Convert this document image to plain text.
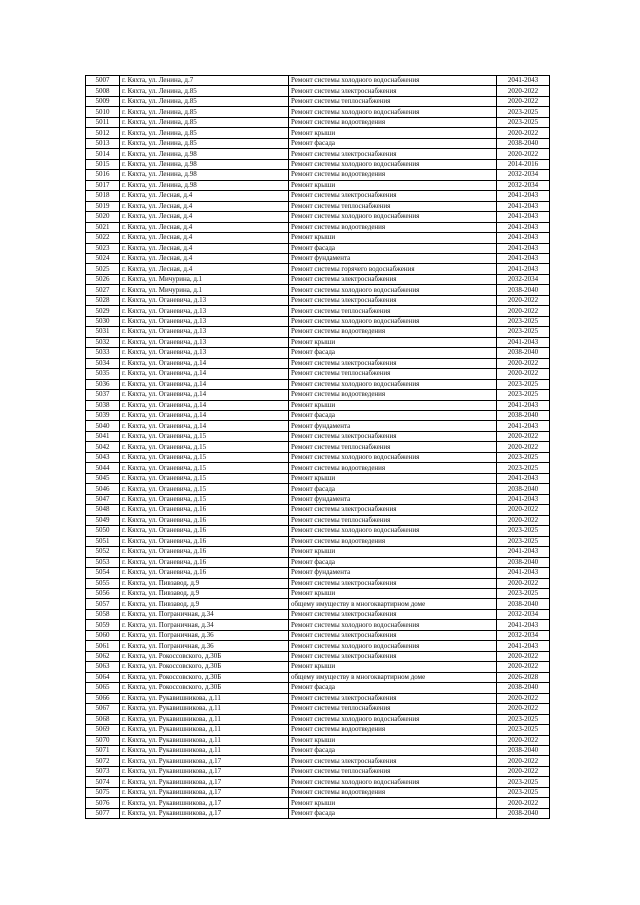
5007	г. Кяхта, ул. Ленина, д.7	Ремонт системы холодного водоснабжения	2041-2043
5008	г. Кяхта, ул. Ленина, д.85	Ремонт системы электроснабжения	2020-2022
5009	г. Кяхта, ул. Ленина, д.85	Ремонт системы теплоснабжения	2020-2022
5010	г. Кяхта, ул. Ленина, д.85	Ремонт системы холодного водоснабжения	2023-2025
5011	г. Кяхта, ул. Ленина, д.85	Ремонт системы водоотведения	2023-2025
5012	г. Кяхта, ул. Ленина, д.85	Ремонт крыши	2020-2022
5013	г. Кяхта, ул. Ленина, д.85	Ремонт фасада	2038-2040
5014	г. Кяхта, ул. Ленина, д.98	Ремонт системы электроснабжения	2020-2022
5015	г. Кяхта, ул. Ленина, д.98	Ремонт системы холодного водоснабжения	2014-2016
5016	г. Кяхта, ул. Ленина, д.98	Ремонт системы водоотведения	2032-2034
5017	г. Кяхта, ул. Ленина, д.98	Ремонт крыши	2032-2034
5018	г. Кяхта, ул. Лесная, д.4	Ремонт системы электроснабжения	2041-2043
5019	г. Кяхта, ул. Лесная, д.4	Ремонт системы теплоснабжения	2041-2043
5020	г. Кяхта, ул. Лесная, д.4	Ремонт системы холодного водоснабжения	2041-2043
5021	г. Кяхта, ул. Лесная, д.4	Ремонт системы водоотведения	2041-2043
5022	г. Кяхта, ул. Лесная, д.4	Ремонт крыши	2041-2043
5023	г. Кяхта, ул. Лесная, д.4	Ремонт фасада	2041-2043
5024	г. Кяхта, ул. Лесная, д.4	Ремонт фундамента	2041-2043
5025	г. Кяхта, ул. Лесная, д.4	Ремонт системы горячего водоснабжения	2041-2043
5026	г. Кяхта, ул. Мичурина, д.1	Ремонт системы электроснабжения	2032-2034
5027	г. Кяхта, ул. Мичурина, д.1	Ремонт системы холодного водоснабжения	2038-2040
5028	г. Кяхта, ул. Оганевича, д.13	Ремонт системы электроснабжения	2020-2022
5029	г. Кяхта, ул. Оганевича, д.13	Ремонт системы теплоснабжения	2020-2022
5030	г. Кяхта, ул. Оганевича, д.13	Ремонт системы холодного водоснабжения	2023-2025
5031	г. Кяхта, ул. Оганевича, д.13	Ремонт системы водоотведения	2023-2025
5032	г. Кяхта, ул. Оганевича, д.13	Ремонт крыши	2041-2043
5033	г. Кяхта, ул. Оганевича, д.13	Ремонт фасада	2038-2040
5034	г. Кяхта, ул. Оганевича, д.14	Ремонт системы электроснабжения	2020-2022
5035	г. Кяхта, ул. Оганевича, д.14	Ремонт системы теплоснабжения	2020-2022
5036	г. Кяхта, ул. Оганевича, д.14	Ремонт системы холодного водоснабжения	2023-2025
5037	г. Кяхта, ул. Оганевича, д.14	Ремонт системы водоотведения	2023-2025
5038	г. Кяхта, ул. Оганевича, д.14	Ремонт крыши	2041-2043
5039	г. Кяхта, ул. Оганевича, д.14	Ремонт фасада	2038-2040
5040	г. Кяхта, ул. Оганевича, д.14	Ремонт фундамента	2041-2043
5041	г. Кяхта, ул. Оганевича, д.15	Ремонт системы электроснабжения	2020-2022
5042	г. Кяхта, ул. Оганевича, д.15	Ремонт системы теплоснабжения	2020-2022
5043	г. Кяхта, ул. Оганевича, д.15	Ремонт системы холодного водоснабжения	2023-2025
5044	г. Кяхта, ул. Оганевича, д.15	Ремонт системы водоотведения	2023-2025
5045	г. Кяхта, ул. Оганевича, д.15	Ремонт крыши	2041-2043
5046	г. Кяхта, ул. Оганевича, д.15	Ремонт фасада	2038-2040
5047	г. Кяхта, ул. Оганевича, д.15	Ремонт фундамента	2041-2043
5048	г. Кяхта, ул. Оганевича, д.16	Ремонт системы электроснабжения	2020-2022
5049	г. Кяхта, ул. Оганевича, д.16	Ремонт системы теплоснабжения	2020-2022
5050	г. Кяхта, ул. Оганевича, д.16	Ремонт системы холодного водоснабжения	2023-2025
5051	г. Кяхта, ул. Оганевича, д.16	Ремонт системы водоотведения	2023-2025
5052	г. Кяхта, ул. Оганевича, д.16	Ремонт крыши	2041-2043
5053	г. Кяхта, ул. Оганевича, д.16	Ремонт фасада	2038-2040
5054	г. Кяхта, ул. Оганевича, д.16	Ремонт фундамента	2041-2043
5055	г. Кяхта, ул. Пивзавод, д.9	Ремонт системы электроснабжения	2020-2022
5056	г. Кяхта, ул. Пивзавод, д.9	Ремонт крыши	2023-2025
5057	г. Кяхта, ул. Пивзавод, д.9	общему имуществу в многоквартирном доме	2038-2040
5058	г. Кяхта, ул. Пограничная, д.34	Ремонт системы электроснабжения	2032-2034
5059	г. Кяхта, ул. Пограничная, д.34	Ремонт системы холодного водоснабжения	2041-2043
5060	г. Кяхта, ул. Пограничная, д.36	Ремонт системы электроснабжения	2032-2034
5061	г. Кяхта, ул. Пограничная, д.36	Ремонт системы холодного водоснабжения	2041-2043
5062	г. Кяхта, ул. Рокоссовского, д.30Б	Ремонт системы электроснабжения	2020-2022
5063	г. Кяхта, ул. Рокоссовского, д.30Б	Ремонт крыши	2020-2022
5064	г. Кяхта, ул. Рокоссовского, д.30Б	общему имуществу в многоквартирном доме	2026-2028
5065	г. Кяхта, ул. Рокоссовского, д.30Б	Ремонт фасада	2038-2040
5066	г. Кяхта, ул. Рукавишникова, д.11	Ремонт системы электроснабжения	2020-2022
5067	г. Кяхта, ул. Рукавишникова, д.11	Ремонт системы теплоснабжения	2020-2022
5068	г. Кяхта, ул. Рукавишникова, д.11	Ремонт системы холодного водоснабжения	2023-2025
5069	г. Кяхта, ул. Рукавишникова, д.11	Ремонт системы водоотведения	2023-2025
5070	г. Кяхта, ул. Рукавишникова, д.11	Ремонт крыши	2020-2022
5071	г. Кяхта, ул. Рукавишникова, д.11	Ремонт фасада	2038-2040
5072	г. Кяхта, ул. Рукавишникова, д.17	Ремонт системы электроснабжения	2020-2022
5073	г. Кяхта, ул. Рукавишникова, д.17	Ремонт системы теплоснабжения	2020-2022
5074	г. Кяхта, ул. Рукавишникова, д.17	Ремонт системы холодного водоснабжения	2023-2025
5075	г. Кяхта, ул. Рукавишникова, д.17	Ремонт системы водоотведения	2023-2025
5076	г. Кяхта, ул. Рукавишникова, д.17	Ремонт крыши	2020-2022
5077	г. Кяхта, ул. Рукавишникова, д.17	Ремонт фасада	2038-2040
